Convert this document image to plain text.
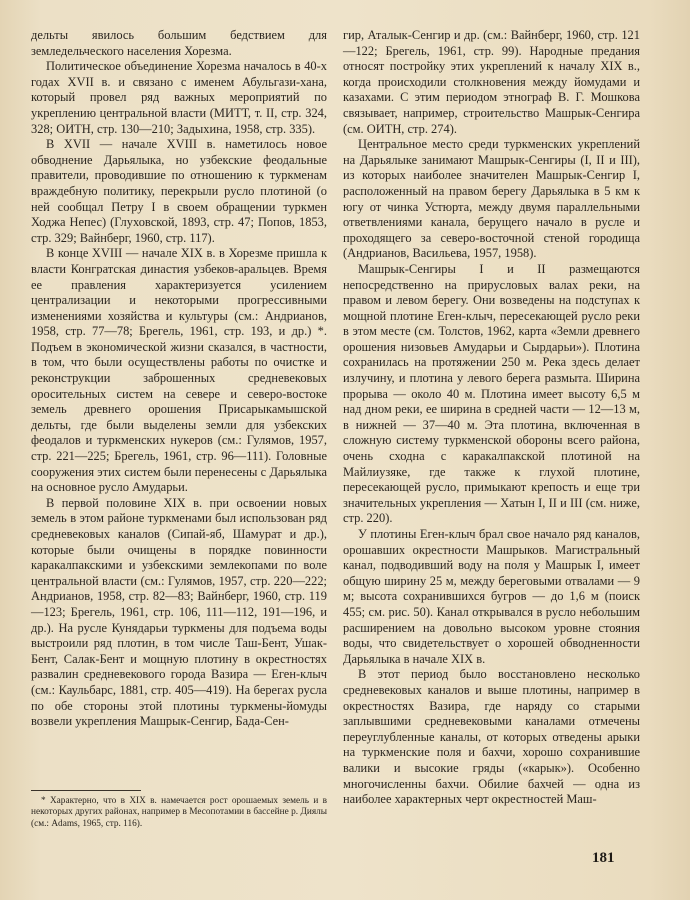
дельты явилось большим бедствием для земледельческого населения Хорезма.

Политическое объединение Хорезма началось в 40-х годах XVII в. и связано с именем Абульгази-хана, который провел ряд важных мероприятий по укреплению центральной власти (МИТТ, т. II, стр. 324, 328; ОИТН, стр. 130—210; Задыхина, 1958, стр. 335).

В XVII — начале XVIII в. наметилось новое обводнение Дарьялыка, но узбекские феодальные правители, проводившие по отношению к туркменам враждебную политику, перекрыли русло плотиной (о ней сообщал Петру I в своем обращении туркмен Ходжа Непес) (Глуховской, 1893, стр. 47; Попов, 1853, стр. 329; Вайнберг, 1960, стр. 117).

В конце XVIII — начале XIX в. в Хорезме пришла к власти Конгратская династия узбеков-аральцев. Время ее правления характеризуется усилением централизации и некоторыми прогрессивными изменениями хозяйства и культуры (см.: Андрианов, 1958, стр. 77—78; Брегель, 1961, стр. 193, и др.) *. Подъем в экономической жизни сказался, в частности, в том, что были осуществлены работы по очистке и реконструкции заброшенных средневековых оросительных систем на севере и северо-востоке земель древнего орошения Присарыкамышской дельты, где были выделены земли для узбекских феодалов и туркменских нукеров (см.: Гулямов, 1957, стр. 221—225; Брегель, 1961, стр. 96—111). Головные сооружения этих систем были перенесены с Дарьялыка на основное русло Амударьи.

В первой половине XIX в. при освоении новых земель в этом районе туркменами был использован ряд средневековых каналов (Сипай-яб, Шамурат и др.), которые были очищены в порядке повинности каракалпакскими и узбекскими землекопами по воле центральной власти (см.: Гулямов, 1957, стр. 220—222; Андрианов, 1958, стр. 82—83; Вайнберг, 1960, стр. 119—123; Брегель, 1961, стр. 106, 111—112, 191—196, и др.). На русле Кунядарьи туркмены для подъема воды выстроили ряд плотин, в том числе Таш-Бент, Ушак-Бент, Салак-Бент и мощную плотину в окрестностях развалин средневекового города Вазира — Еген-клыч (см.: Каульбарс, 1881, стр. 405—419). На берегах русла по обе стороны этой плотины туркмены-йомуды возвели укрепления Машрык-Сенгир, Бада-Сен-

гир, Аталык-Сенгир и др. (см.: Вайнберг, 1960, стр. 121—122; Брегель, 1961, стр. 99). Народные предания относят постройку этих укреплений к началу XIX в., когда происходили столкновения между йомудами и казахами. С этим периодом этнограф В. Г. Мошкова связывает, например, строительство Машрык-Сенгира (см. ОИТН, стр. 274).

Центральное место среди туркменских укреплений на Дарьялыке занимают Машрык-Сенгиры (I, II и III), из которых наиболее значителен Машрык-Сенгир I, расположенный на правом берегу Дарьялыка в 5 км к югу от чинка Устюрта, между двумя параллельными ответвлениями канала, берущего начало в русле и проходящего за северо-восточной стеной городища (Андрианов, Васильева, 1957, 1958).

Машрык-Сенгиры I и II размещаются непосредственно на прирусловых валах реки, на правом и левом берегу. Они возведены на подступах к мощной плотине Еген-клыч, пересекающей русло реки в этом месте (см. Толстов, 1962, карта «Земли древнего орошения низовьев Амударьи и Сырдарьи»). Плотина сохранилась на протяжении 250 м. Река здесь делает излучину, и плотина у левого берега размыта. Ширина прорыва — около 40 м. Плотина имеет высоту 6,5 м над дном реки, ее ширина в средней части — 12—13 м, в нижней — 37—40 м. Эта плотина, включенная в сложную систему туркменской обороны всего района, очень сходна с каракалпакской плотиной на Майлиузяке, где также к глухой плотине, пересекающей русло, примыкают крепость и еще три значительных укрепления — Хатын I, II и III (см. ниже, стр. 220).

У плотины Еген-клыч брал свое начало ряд каналов, орошавших окрестности Машрыков. Магистральный канал, подводивший воду на поля у Машрык I, имеет общую ширину 25 м, между береговыми отвалами — 9 м; высота сохранившихся бугров — до 1,6 м (поиск 455; см. рис. 50). Канал открывался в русло небольшим расширением на довольно высоком уровне стояния воды, что свидетельствует о хорошей обводненности Дарьялыка в начале XIX в.

В этот период было восстановлено несколько средневековых каналов и выше плотины, например в окрестностях Вазира, где наряду со старыми заплывшими средневековыми каналами отмечены переуглубленные каналы, от которых отведены арыки на туркменские поля и бахчи, хорошо сохранившие валики и высокие гряды («карык»). Особенно многочисленны бахчи. Обилие бахчей — одна из наиболее характерных черт окрестностей Маш-

* Характерно, что в XIX в. намечается рост орошаемых земель и в некоторых других районах, например в Месопотамии в бассейне р. Диялы (см.: Adams, 1965, стр. 116).

181
